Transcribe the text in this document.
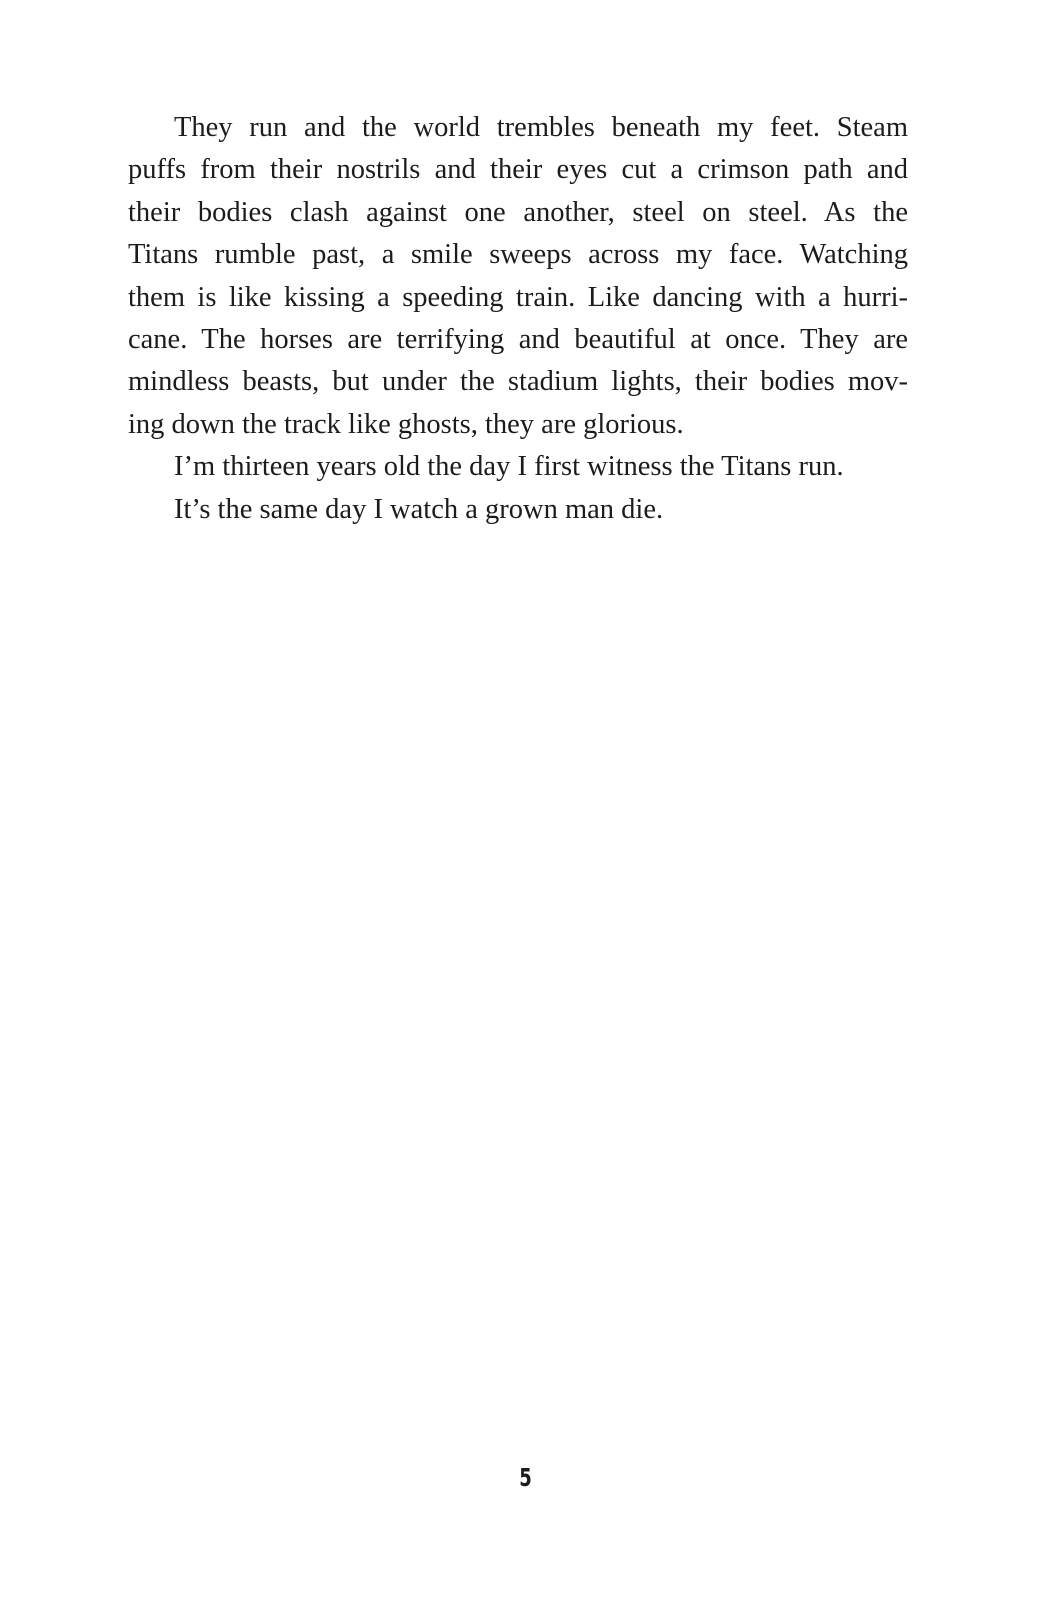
They run and the world trembles beneath my feet. Steam
puffs from their nostrils and their eyes cut a crimson path and
their bodies clash against one another, steel on steel. As the
Titans rumble past, a smile sweeps across my face. Watching
them is like kissing a speeding train. Like dancing with a hurri-
cane. The horses are terrifying and beautiful at once. They are
mindless beasts, but under the stadium lights, their bodies mov-
ing down the track like ghosts, they are glorious.
I’m thirteen years old the day I first witness the Titans run.
It’s the same day I watch a grown man die.
5
